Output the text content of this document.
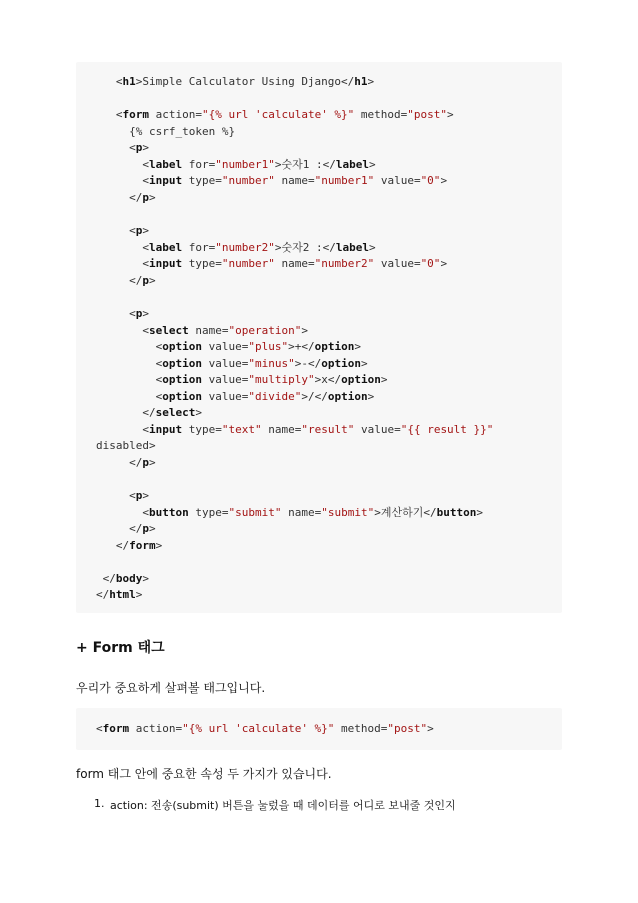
<h1>Simple Calculator Using Django</h1>
<form action="{% url 'calculate' %}" method="post">
{% csrf_token %}
<p>
<label for="number1">숫자1 :</label>
<input type="number" name="number1" value="0">
</p>
<p>
<label for="number2">숫자2 :</label>
<input type="number" name="number2" value="0">
</p>
<p>
<select name="operation">
<option value="plus">+</option>
<option value="minus">-</option>
<option value="multiply">x</option>
<option value="divide">/</option>
</select>
<input type="text" name="result" value="{{ result }}"
disabled>
</p>
<p>
<button type="submit" name="submit">계산하기</button>
</p>
</form>
</body>
</html>
+ Form 태그
우리가 중요하게 살펴볼 태그입니다.
<form action="{% url 'calculate' %}" method="post">
form 태그 안에 중요한 속성 두 가지가 있습니다.
1. action: 전송(submit) 버튼을 눌렀을 때 데이터를 어디로 보내줄 것인지
